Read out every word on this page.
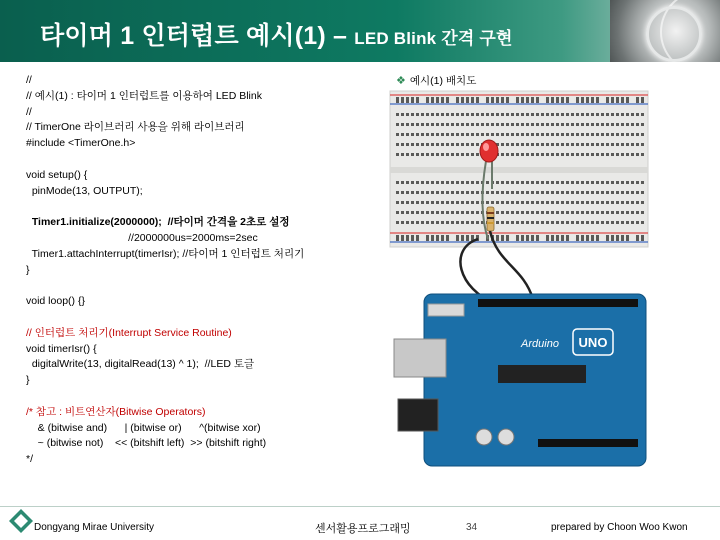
타이머 1 인터럽트 예시(1) – LED Blink 간격 구현
//
// 예시(1) : 타이머 1 인터럽트를 이용하여 LED Blink
//
// TimerOne 라이브러리 사용을 위해 라이브러리
#include <TimerOne.h>
void setup() {
pinMode(13, OUTPUT);
Timer1.initialize(2000000);  //타이머 간격을 2초로 설정
//2000000us=2000ms=2sec
Timer1.attachInterrupt(timerIsr); //타이머 1 인터럽트 처리기
}
void loop() {}
// 인터럽트 처리기(Interrupt Service Routine)
void timerIsr() {
digitalWrite(13, digitalRead(13) ^ 1);  //LED 토글
}
/* 참고 : 비트연산자(Bitwise Operators)
& (bitwise and)      | (bitwise or)      ^(bitwise xor)
~ (bitwise not)    << (bitshift left)  >> (bitshift right)
*/
❖ 예시(1) 배치도
UNO
Arduino
Dongyang Mirae University	센서활용프로그래밍	34	prepared by Choon Woo Kwon
